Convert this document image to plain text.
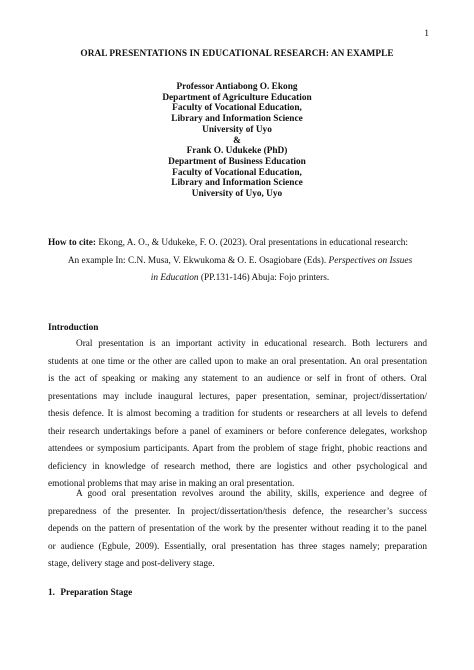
1
ORAL PRESENTATIONS IN EDUCATIONAL RESEARCH: AN EXAMPLE
Professor Antiabong O. Ekong
Department of Agriculture Education
Faculty of Vocational Education,
Library and Information Science
University of Uyo
&
Frank O. Udukeke (PhD)
Department of Business Education
Faculty of Vocational Education,
Library and Information Science
University of Uyo, Uyo
How to cite: Ekong, A. O., & Udukeke, F. O. (2023). Oral presentations in educational research:
An example In: C.N. Musa, V. Ekwukoma & O. E. Osagiobare (Eds). Perspectives on Issues
in Education (PP.131-146) Abuja: Fojo printers.
Introduction
Oral presentation is an important activity in educational research. Both lecturers and
students at one time or the other are called upon to make an oral presentation. An oral presentation
is the act of speaking or making any statement to an audience or self in front of others. Oral
presentations may include inaugural lectures, paper presentation, seminar, project/dissertation/
thesis defence. It is almost becoming a tradition for students or researchers at all levels to defend
their research undertakings before a panel of examiners or before conference delegates, workshop
attendees or symposium participants. Apart from the problem of stage fright, phobic reactions and
deficiency in knowledge of research method, there are logistics and other psychological and
emotional problems that may arise in making an oral presentation.
A good oral presentation revolves around the ability, skills, experience and degree of
preparedness of the presenter. In project/dissertation/thesis defence, the researcher’s success
depends on the pattern of presentation of the work by the presenter without reading it to the panel
or audience (Egbule, 2009). Essentially, oral presentation has three stages namely; preparation
stage, delivery stage and post-delivery stage.
1. Preparation Stage
